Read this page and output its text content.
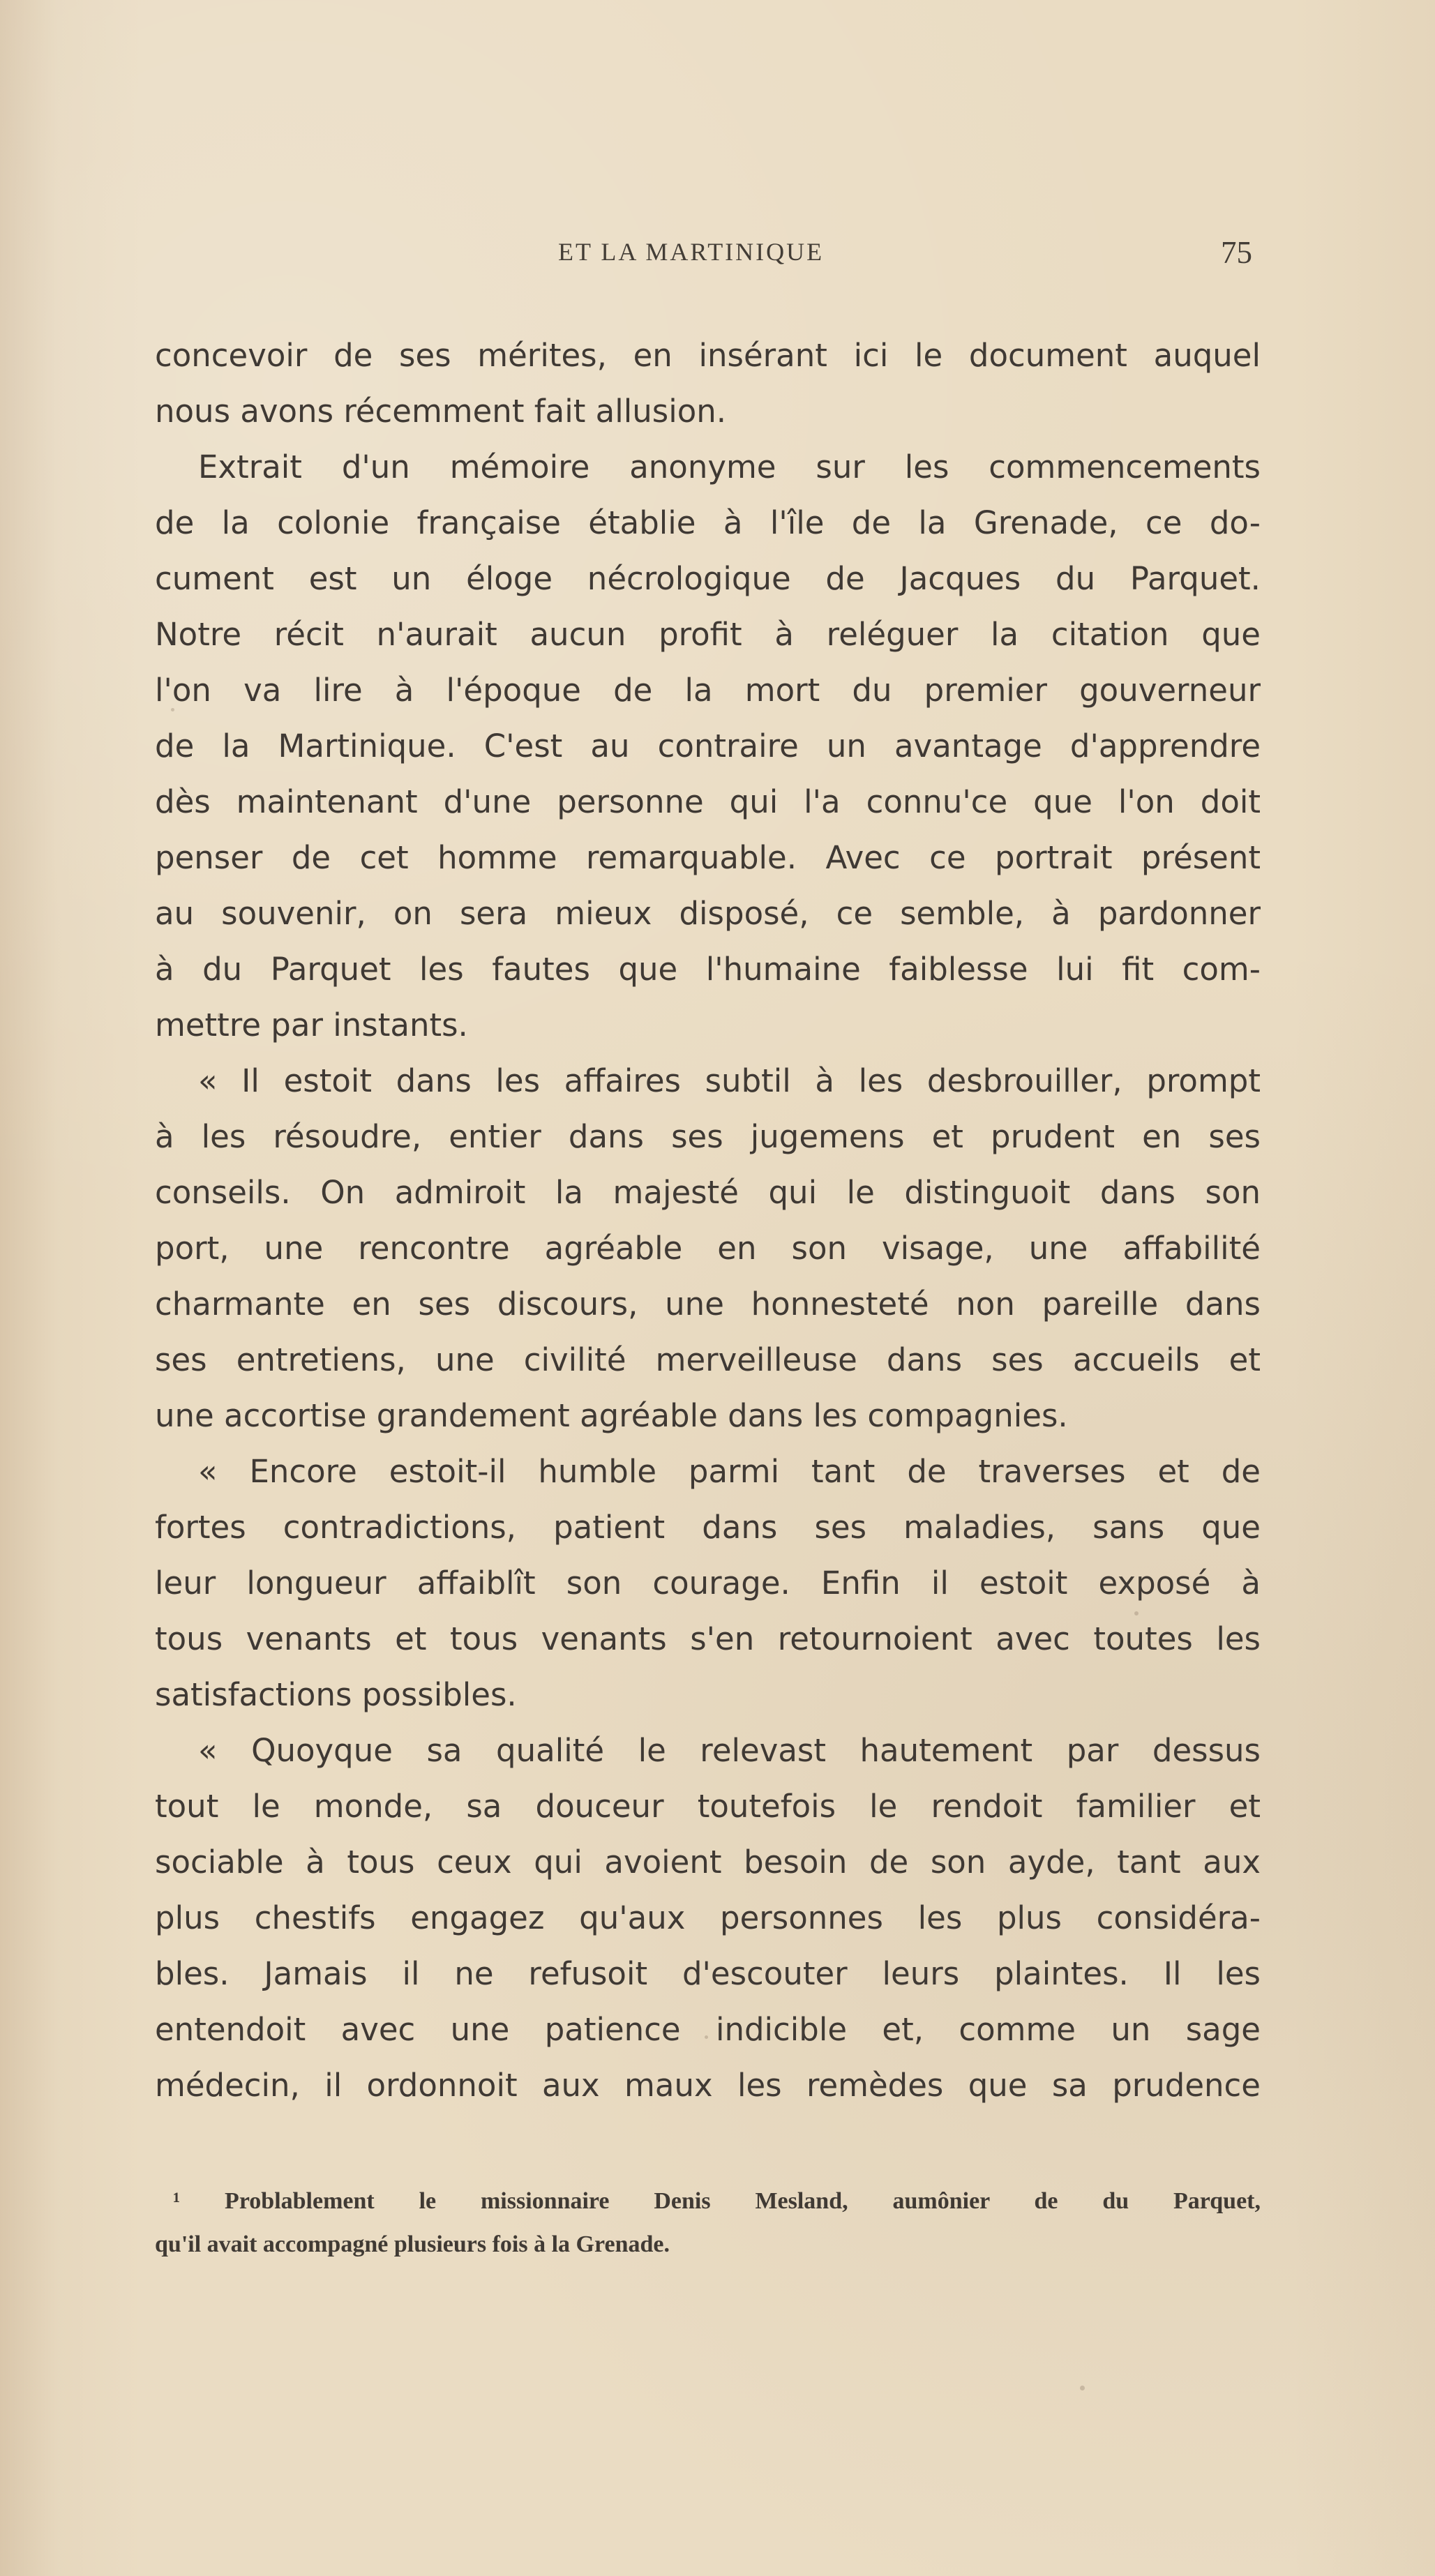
ET LA MARTINIQUE	75
concevoir de ses mérites, en insérant ici le document auquel
nous avons récemment fait allusion.
Extrait d'un mémoire anonyme sur les commencements
de la colonie française établie à l'île de la Grenade, ce do-
cument est un éloge nécrologique de Jacques du Parquet.
Notre récit n'aurait aucun profit à reléguer la citation que
l'on va lire à l'époque de la mort du premier gouverneur
de la Martinique. C'est au contraire un avantage d'apprendre
dès maintenant d'une personne qui l'a connu'ce que l'on doit
penser de cet homme remarquable. Avec ce portrait présent
au souvenir, on sera mieux disposé, ce semble, à pardonner
à du Parquet les fautes que l'humaine faiblesse lui fit com-
mettre par instants.
« Il estoit dans les affaires subtil à les desbrouiller, prompt
à les résoudre, entier dans ses jugemens et prudent en ses
conseils. On admiroit la majesté qui le distinguoit dans son
port, une rencontre agréable en son visage, une affabilité
charmante en ses discours, une honnesteté non pareille dans
ses entretiens, une civilité merveilleuse dans ses accueils et
une accortise grandement agréable dans les compagnies.
« Encore estoit-il humble parmi tant de traverses et de
fortes contradictions, patient dans ses maladies, sans que
leur longueur affaiblît son courage. Enfin il estoit exposé à
tous venants et tous venants s'en retournoient avec toutes les
satisfactions possibles.
« Quoyque sa qualité le relevast hautement par dessus
tout le monde, sa douceur toutefois le rendoit familier et
sociable à tous ceux qui avoient besoin de son ayde, tant aux
plus chestifs engagez qu'aux personnes les plus considéra-
bles. Jamais il ne refusoit d'escouter leurs plaintes. Il les
entendoit avec une patience indicible et, comme un sage
médecin, il ordonnoit aux maux les remèdes que sa prudence
¹ Problablement le missionnaire Denis Mesland, aumônier de du Parquet,
qu'il avait accompagné plusieurs fois à la Grenade.
